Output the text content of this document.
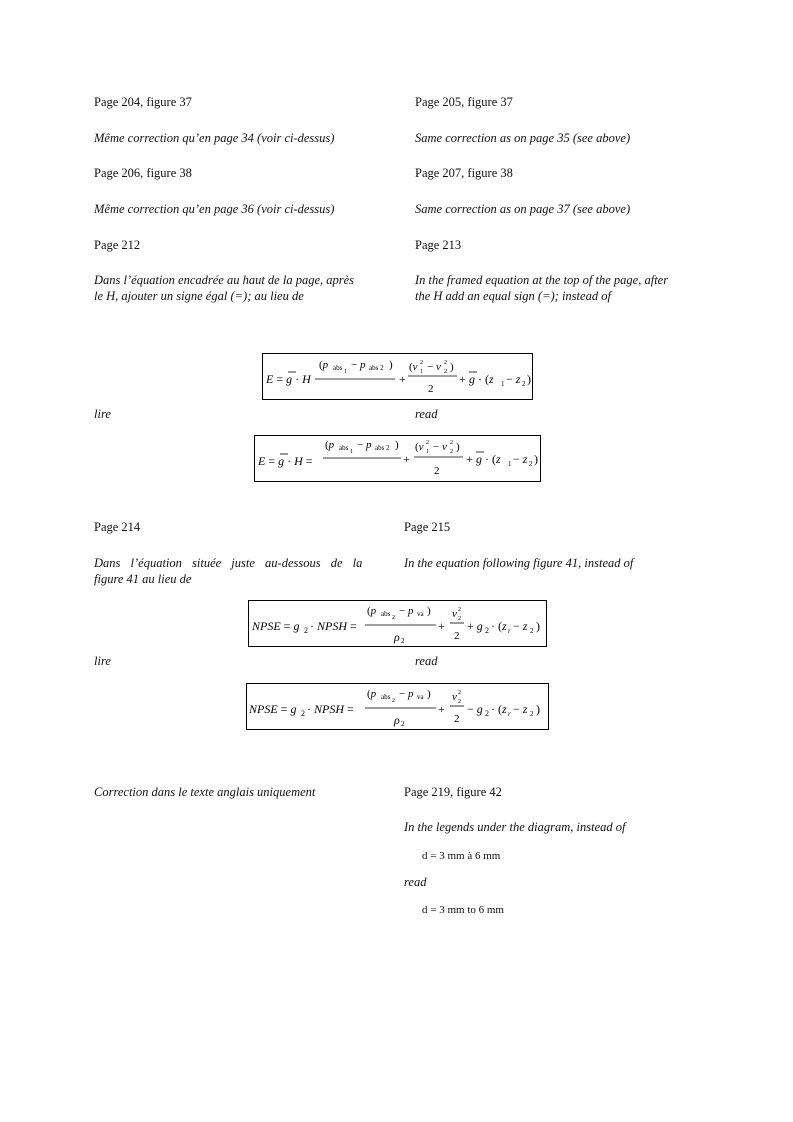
Page 204, figure 37	Page 205, figure 37
Même correction qu’en page 34 (voir ci-dessus)	Same correction as on page 35 (see above)
Page 206, figure 38	Page 207, figure 38
Même correction qu’en page 36 (voir ci-dessus)	Same correction as on page 37 (see above)
Page 212	Page 213
Dans l’équation encadrée au haut de la page, après
le H, ajouter un signe égal (=); au lieu de
In the framed equation at the top of the page, after
the H add an equal sign (=); instead of
E = g · H
(p abs 1
− p abs 2 )
+
(v 2
1 − v 2
2 )
2
+ g · (z 1 − z 2 )
lire	read
E = g · H =
(p abs 1
− p abs 2 )
+
(v 2
1 − v 2
2 )
2
+ g · (z 1 − z 2 )
Page 214	Page 215
Dans l’équation située juste au-dessous de la
figure 41 au lieu de
In the equation following figure 41, instead of
NPSE = g 2 · NPSH =
(p abs 2
− p va )
ρ 2
+
v 2
2
2
+ g 2 · (z r − z 2 )
lire	read
NPSE = g 2 · NPSH =
(p abs 2
− p va )
ρ 2
+
v 2
2
2
− g 2 · (z r − z 2 )
Correction dans le texte anglais uniquement	Page 219, figure 42
In the legends under the diagram, instead of
d = 3 mm à 6 mm
read
d = 3 mm to 6 mm
